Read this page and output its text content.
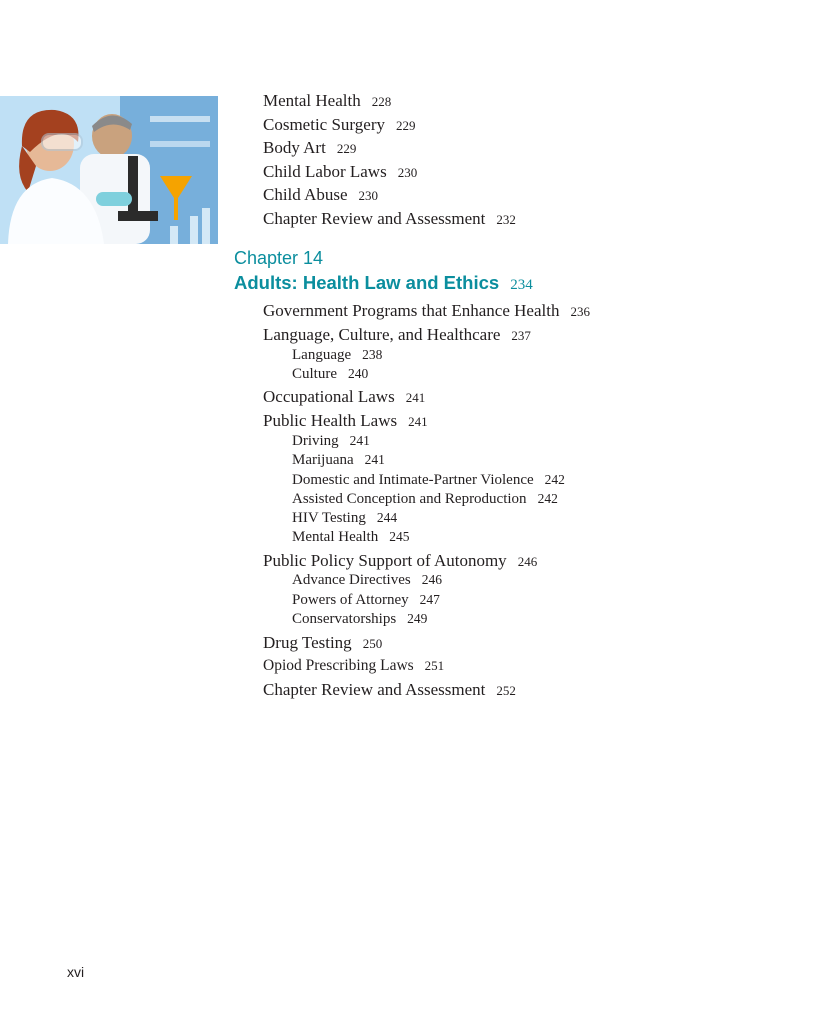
Mental Health 228
Cosmetic Surgery 229
Body Art 229
Child Labor Laws 230
Child Abuse 230
Chapter Review and Assessment 232
Chapter 14
Adults: Health Law and Ethics 234
Government Programs that Enhance Health 236
Language, Culture, and Healthcare 237
Language 238
Culture 240
Occupational Laws 241
Public Health Laws 241
Driving 241
Marijuana 241
Domestic and Intimate-Partner Violence 242
Assisted Conception and Reproduction 242
HIV Testing 244
Mental Health 245
Public Policy Support of Autonomy 246
Advance Directives 246
Powers of Attorney 247
Conservatorships 249
Drug Testing 250
Opiod Prescribing Laws 251
Chapter Review and Assessment 252
xvi
